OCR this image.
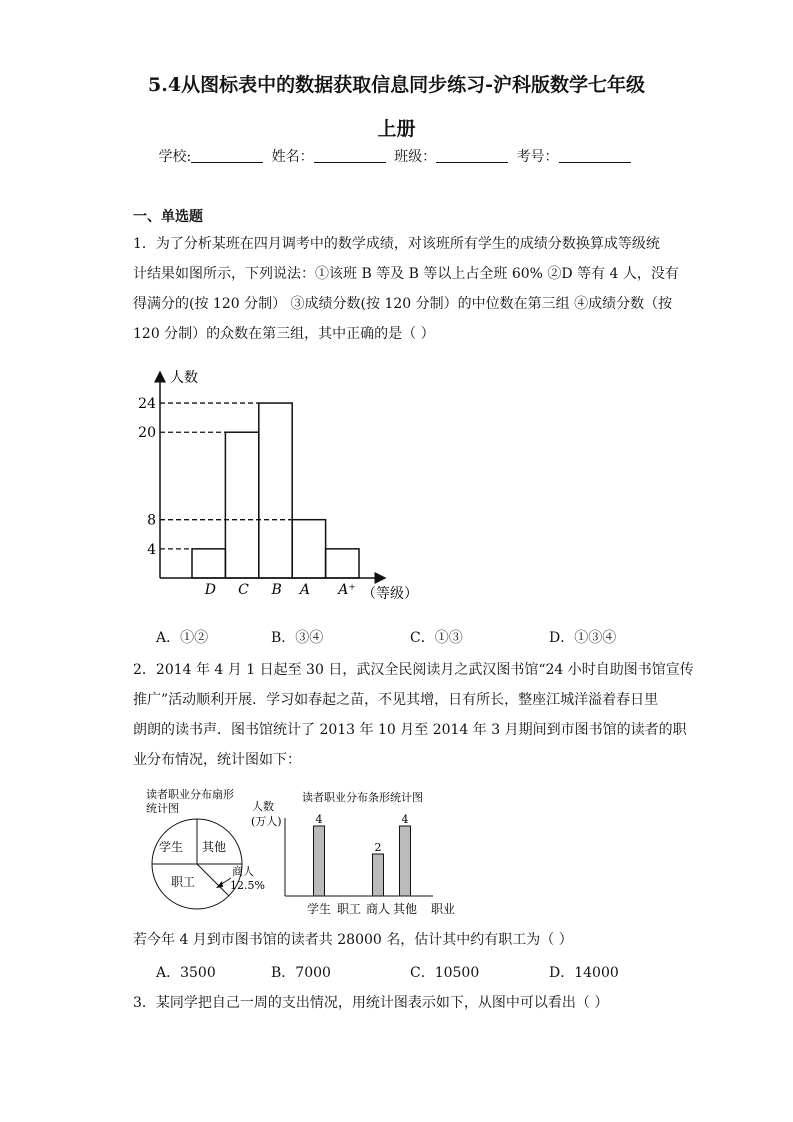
5.4从图标表中的数据获取信息同步练习-沪科版数学七年级
上册
学校:	姓名：	班级：	考号：
一、单选题
1．为了分析某班在四月调考中的数学成绩，对该班所有学生的成绩分数换算成等级统
计结果如图所示，下列说法：①该班 B 等及 B 等以上占全班 60% ②D 等有 4 人，没有
得满分的(按 120 分制） ③成绩分数(按 120 分制）的中位数在第三组 ④成绩分数（按
120 分制）的众数在第三组，其中正确的是（ ）
人数
（等级）
24
20
8
4
D C B A A⁺
A．①②	B．③④	C．①③	D．①③④
2．2014 年 4 月 1 日起至 30 日，武汉全民阅读月之武汉图书馆“24 小时自助图书馆宣传
推广”活动顺利开展．学习如春起之苗，不见其增，日有所长，整座江城洋溢着春日里
朗朗的读书声．图书馆统计了 2013 年 10 月至 2014 年 3 月期间到市图书馆的读者的职
业分布情况，统计图如下：
读者职业分布扇形
统计图
学生 其他
职工
商人
12.5%
读者职业分布条形统计图
人数
(万人)	4
2
4
学生 职工 商人 其他 职业
若今年 4 月到市图书馆的读者共 28000 名，估计其中约有职工为（ ）
A．3500	B．7000	C．10500	D．14000
3．某同学把自己一周的支出情况，用统计图表示如下，从图中可以看出（ ）
